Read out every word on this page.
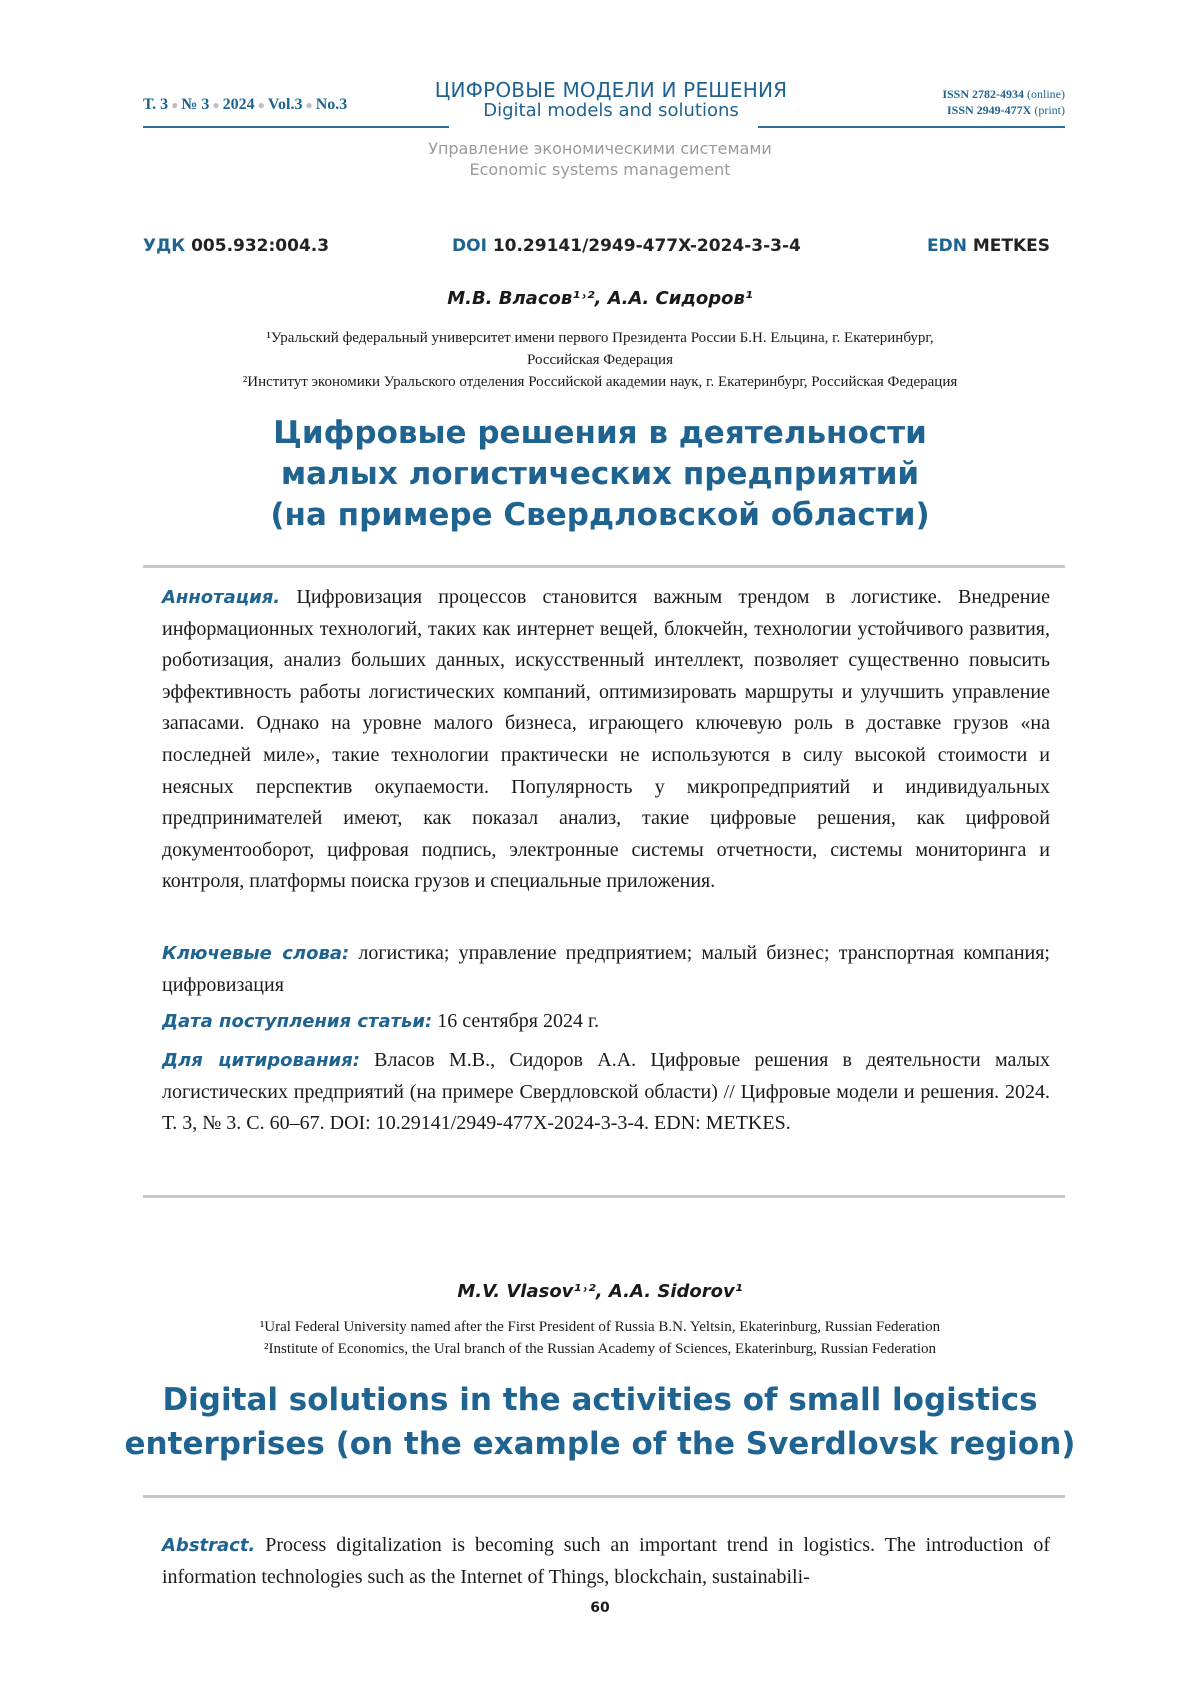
Т. 3 ● № 3 ● 2024 ● Vol.3 ● No.3
ЦИФРОВЫЕ МОДЕЛИ И РЕШЕНИЯ
Digital models and solutions
ISSN 2782-4934 (online)
ISSN 2949-477X (print)
Управление экономическими системами
Economic systems management
УДК 005.932:004.3	DOI 10.29141/2949-477X-2024-3-3-4	EDN METKES
М.В. Власов¹˒², А.А. Сидоров¹
¹Уральский федеральный университет имени первого Президента России Б.Н. Ельцина, г. Екатеринбург,
Российская Федерация
²Институт экономики Уральского отделения Российской академии наук, г. Екатеринбург, Российская Федерация
Цифровые решения в деятельности
малых логистических предприятий
(на примере Свердловской области)
Аннотация. Цифровизация процессов становится важным трендом в логистике. Внедрение информационных технологий, таких как интернет вещей, блокчейн, технологии устойчивого развития, роботизация, анализ больших данных, искусственный интеллект, позволяет существенно повысить эффективность работы логистических компаний, оптимизировать маршруты и улучшить управление запасами. Однако на уровне малого бизнеса, играющего ключевую роль в доставке грузов «на последней миле», такие технологии практически не используются в силу высокой стоимости и неясных перспектив окупаемости. Популярность у микропредприятий и индивидуальных предпринимателей имеют, как показал анализ, такие цифровые решения, как цифровой документооборот, цифровая подпись, электронные системы отчетности, системы мониторинга и контроля, платформы поиска грузов и специальные приложения.
Ключевые слова: логистика; управление предприятием; малый бизнес; транспортная компания; цифровизация
Дата поступления статьи: 16 сентября 2024 г.
Для цитирования: Власов М.В., Сидоров А.А. Цифровые решения в деятельности малых логистических предприятий (на примере Свердловской области) // Цифровые модели и решения. 2024. Т. 3, № 3. С. 60–67. DOI: 10.29141/2949-477X-2024-3-3-4. EDN: METKES.
M.V. Vlasov¹˒², A.A. Sidorov¹
¹Ural Federal University named after the First President of Russia B.N. Yeltsin, Ekaterinburg, Russian Federation
²Institute of Economics, the Ural branch of the Russian Academy of Sciences, Ekaterinburg, Russian Federation
Digital solutions in the activities of small logistics
enterprises (on the example of the Sverdlovsk region)
Abstract. Process digitalization is becoming such an important trend in logistics. The introduction of information technologies such as the Internet of Things, blockchain, sustainabili-
60
